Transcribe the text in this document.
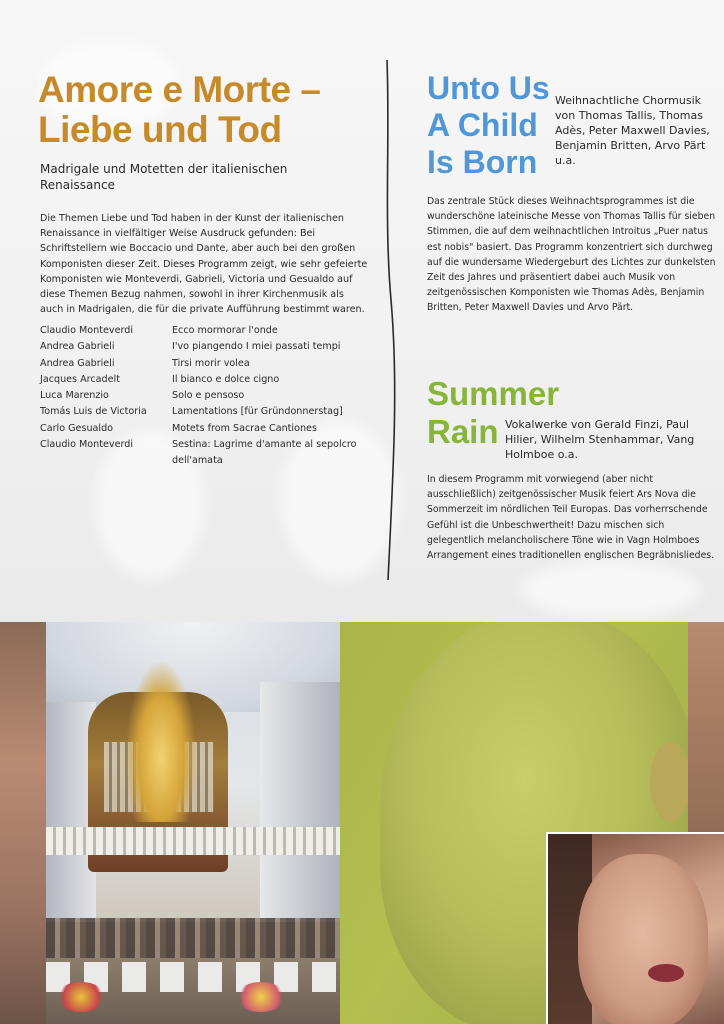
Amore e Morte –
Liebe und Tod

Madrigale und Motetten der italienischen Renaissance

Die Themen Liebe und Tod haben in der Kunst der italienischen Renaissance in vielfältiger Weise Ausdruck gefunden: Bei Schriftstellern wie Boccacio und Dante, aber auch bei den großen Komponisten dieser Zeit. Dieses Programm zeigt, wie sehr gefeierte Komponisten wie Monteverdi, Gabrieli, Victoria und Gesualdo auf diese Themen Bezug nahmen, sowohl in ihrer Kirchenmusik als auch in Madrigalen, die für die private Aufführung bestimmt waren.

Claudio Monteverdi	Ecco mormorar l'onde
Andrea Gabrieli	I'vo piangendo I miei passati tempi
Andrea Gabrieli	Tirsi morir volea
Jacques Arcadelt	Il bianco e dolce cigno
Luca Marenzio	Solo e pensoso
Tomás Luis de Victoria	Lamentations [für Gründonnerstag]
Carlo Gesualdo	Motets from Sacrae Cantiones
Claudio Monteverdi	Sestina: Lagrime d'amante al sepolcro dell'amata
Unto Us
A Child
Is Born

Weihnachtliche Chormusik von Thomas Tallis, Thomas Adès, Peter Maxwell Davies, Benjamin Britten, Arvo Pärt u.a.

Das zentrale Stück dieses Weihnachtsprogrammes ist die wunderschöne lateinische Messe von Thomas Tallis für sieben Stimmen, die auf dem weihnachtlichen Introitus „Puer natus est nobis" basiert. Das Programm konzentriert sich durchweg auf die wundersame Wiedergeburt des Lichtes zur dunkelsten Zeit des Jahres und präsentiert dabei auch Musik von zeitgenössischen Komponisten wie Thomas Adès, Benjamin Britten, Peter Maxwell Davies und Arvo Pärt.

Summer
Rain Vokalwerke von Gerald Finzi, Paul Hilier, Wilhelm Stenhammar, Vang Holmboe o.a.

In diesem Programm mit vorwiegend (aber nicht ausschließlich) zeitgenössischer Musik feiert Ars Nova die Sommerzeit im nördlichen Teil Europas. Das vorherrschende Gefühl ist die Unbeschwertheit! Dazu mischen sich gelegentlich melancholischere Töne wie in Vagn Holmboes Arrangement eines traditionellen englischen Begräbnisliedes.
